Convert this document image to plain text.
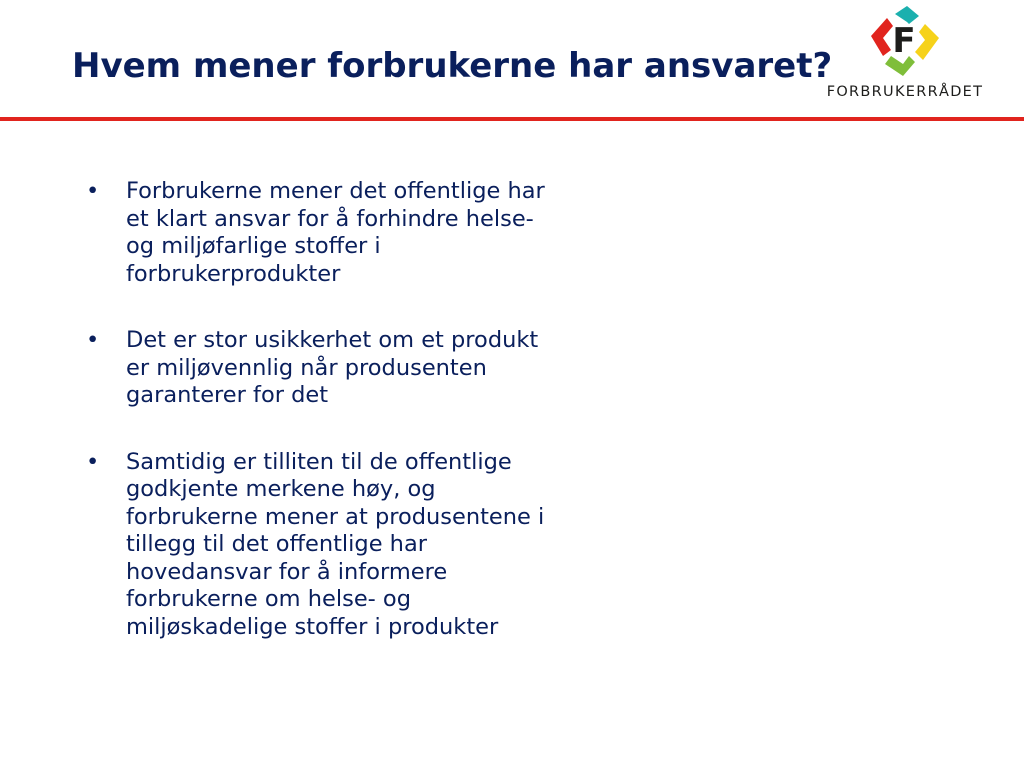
Hvem mener forbrukerne har ansvaret?
F
FORBRUKERRÅDET
• Forbrukerne mener det offentlige har et klart ansvar for å forhindre helse- og miljøfarlige stoffer i forbrukerprodukter
• Det er stor usikkerhet om et produkt er miljøvennlig når produsenten garanterer for det
• Samtidig er tilliten til de offentlige godkjente merkene høy, og forbrukerne mener at produsentene i tillegg til det offentlige har hovedansvar for å informere forbrukerne om helse- og miljøskadelige stoffer i produkter
